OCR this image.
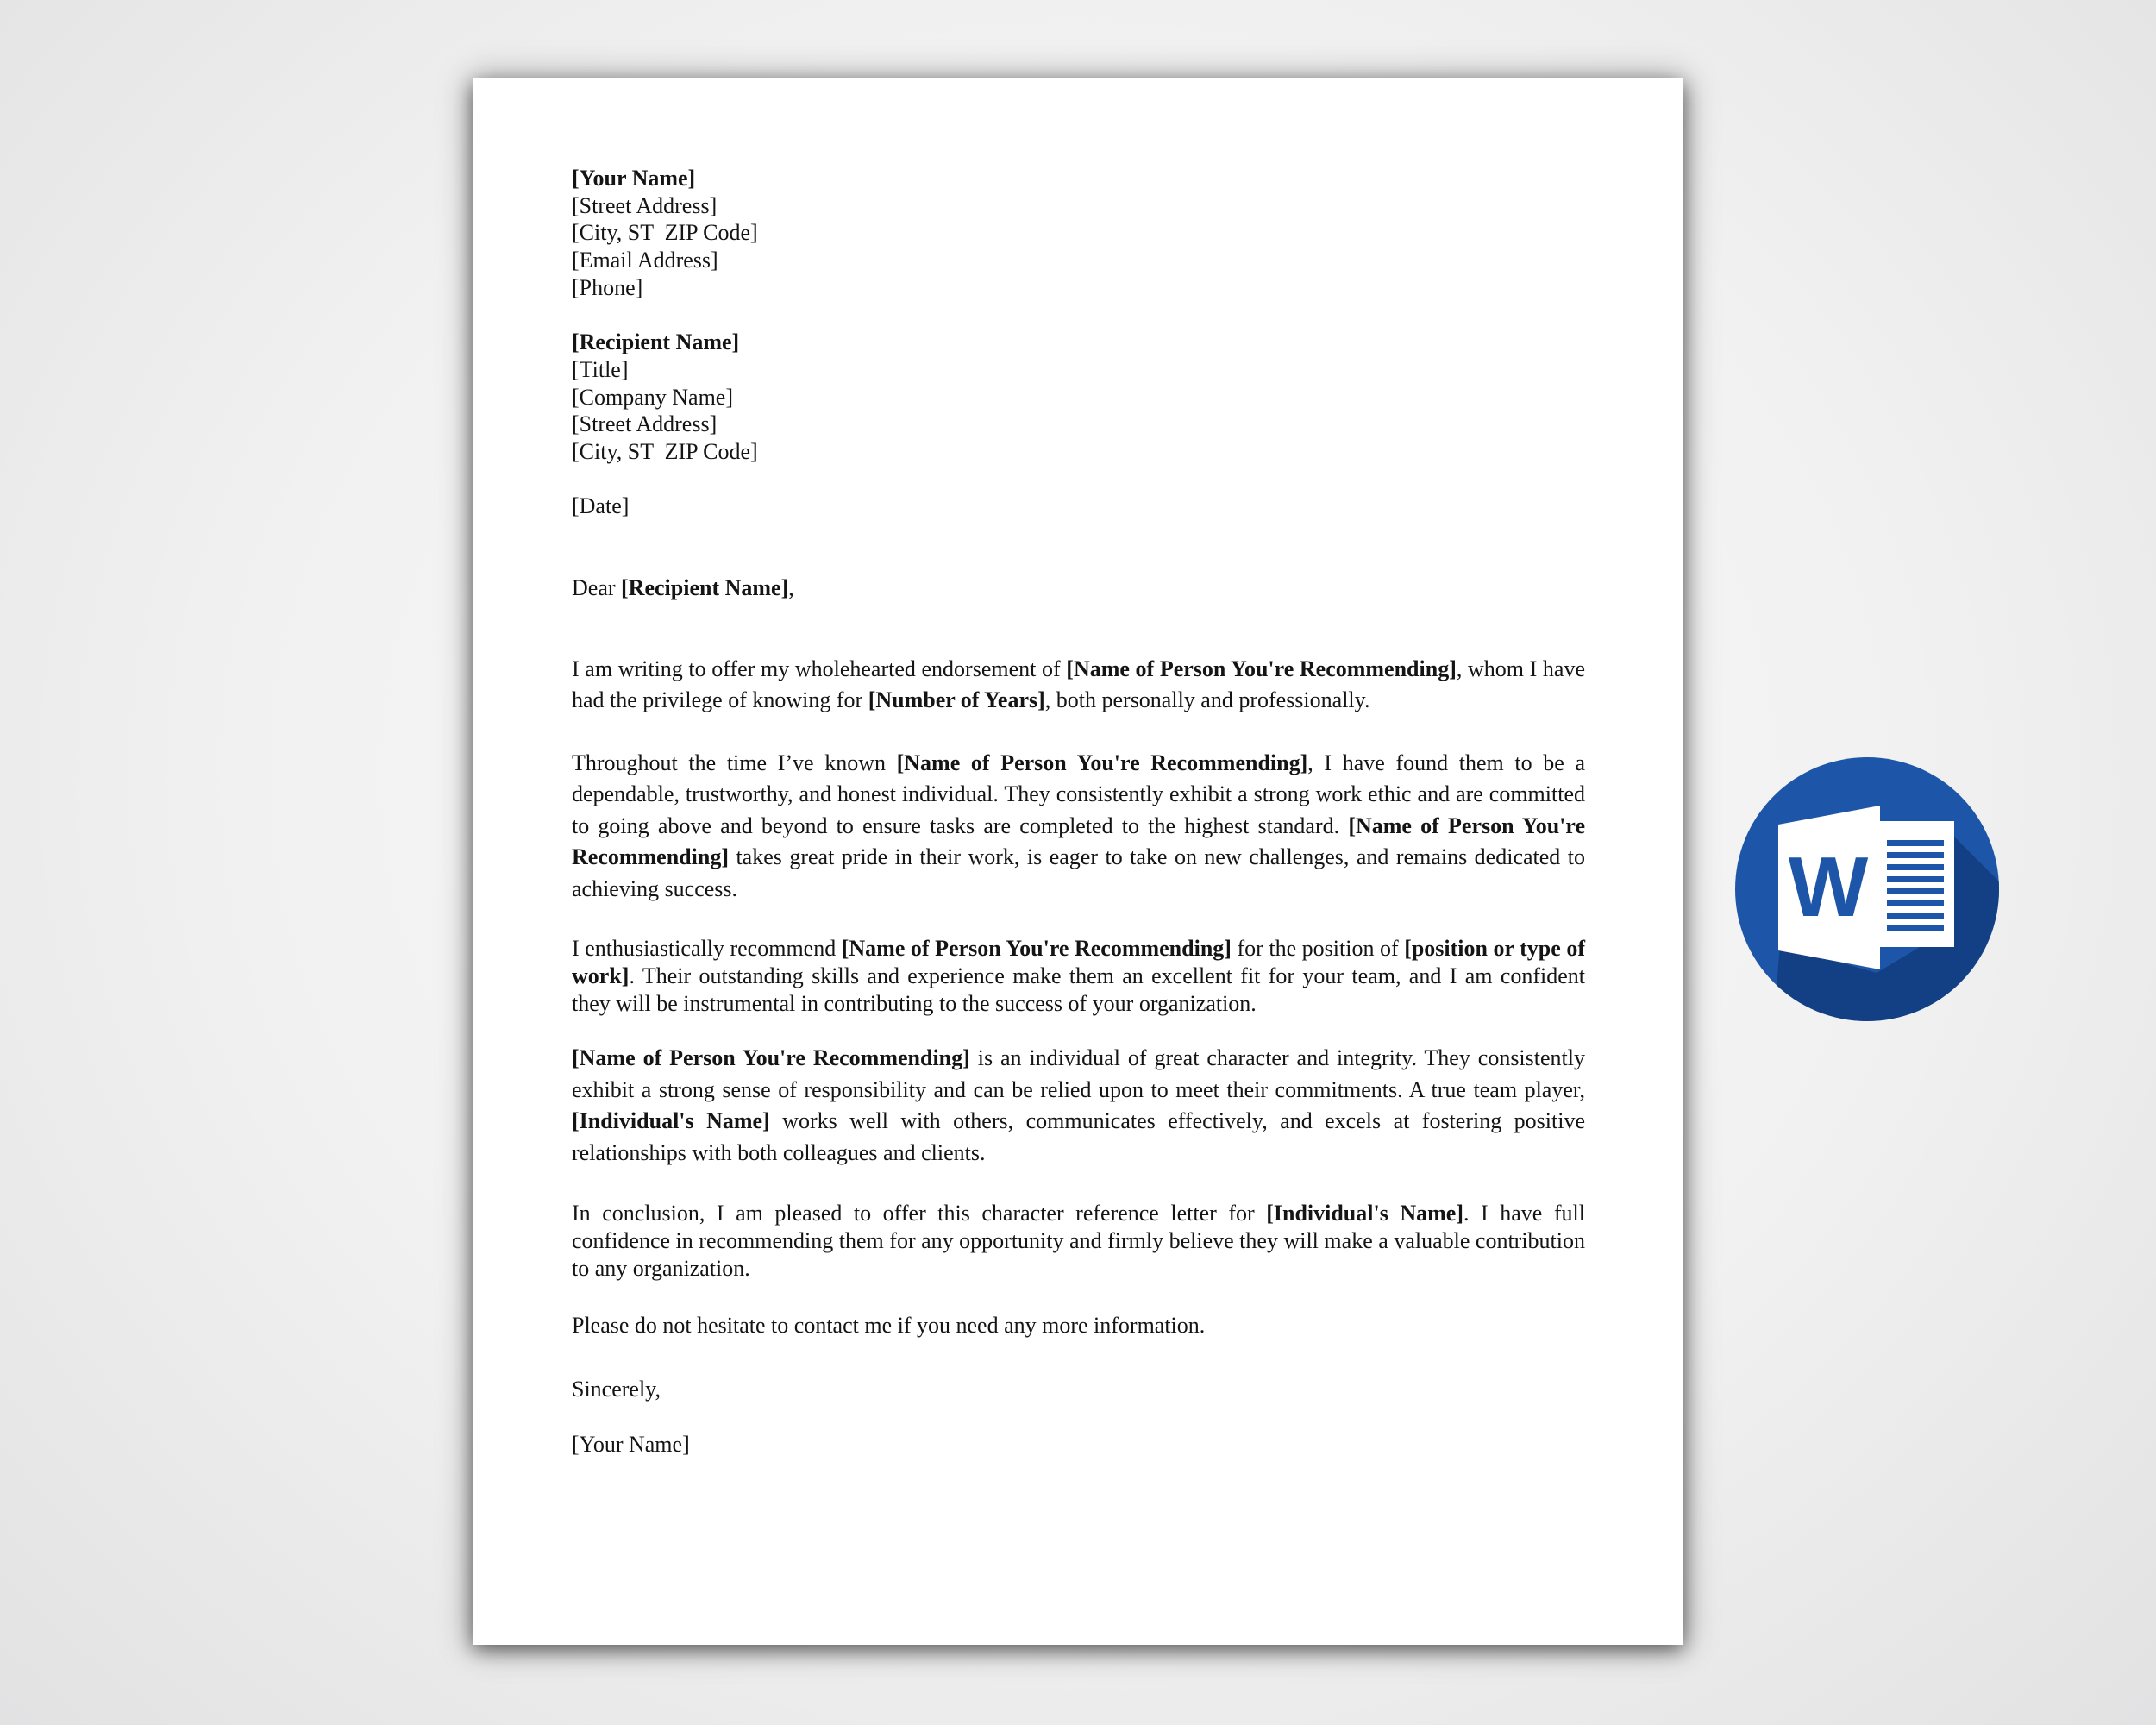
[Your Name]
[Street Address]
[City, ST  ZIP Code]
[Email Address]
[Phone]
[Recipient Name]
[Title]
[Company Name]
[Street Address]
[City, ST  ZIP Code]
[Date]
Dear [Recipient Name],

I am writing to offer my wholehearted endorsement of [Name of Person You're Recommending], whom I have had the privilege of knowing for [Number of Years], both personally and professionally.

Throughout the time I’ve known [Name of Person You're Recommending], I have found them to be a dependable, trustworthy, and honest individual. They consistently exhibit a strong work ethic and are committed to going above and beyond to ensure tasks are completed to the highest standard. [Name of Person You're Recommending] takes great pride in their work, is eager to take on new challenges, and remains dedicated to achieving success.

I enthusiastically recommend [Name of Person You're Recommending] for the position of [position or type of work]. Their outstanding skills and experience make them an excellent fit for your team, and I am confident they will be instrumental in contributing to the success of your organization.

[Name of Person You're Recommending] is an individual of great character and integrity. They consistently exhibit a strong sense of responsibility and can be relied upon to meet their commitments. A true team player, [Individual's Name] works well with others, communicates effectively, and excels at fostering positive relationships with both colleagues and clients.

In conclusion, I am pleased to offer this character reference letter for [Individual's Name]. I have full confidence in recommending them for any opportunity and firmly believe they will make a valuable contribution to any organization.

Please do not hesitate to contact me if you need any more information.
Sincerely,
[Your Name]
W
